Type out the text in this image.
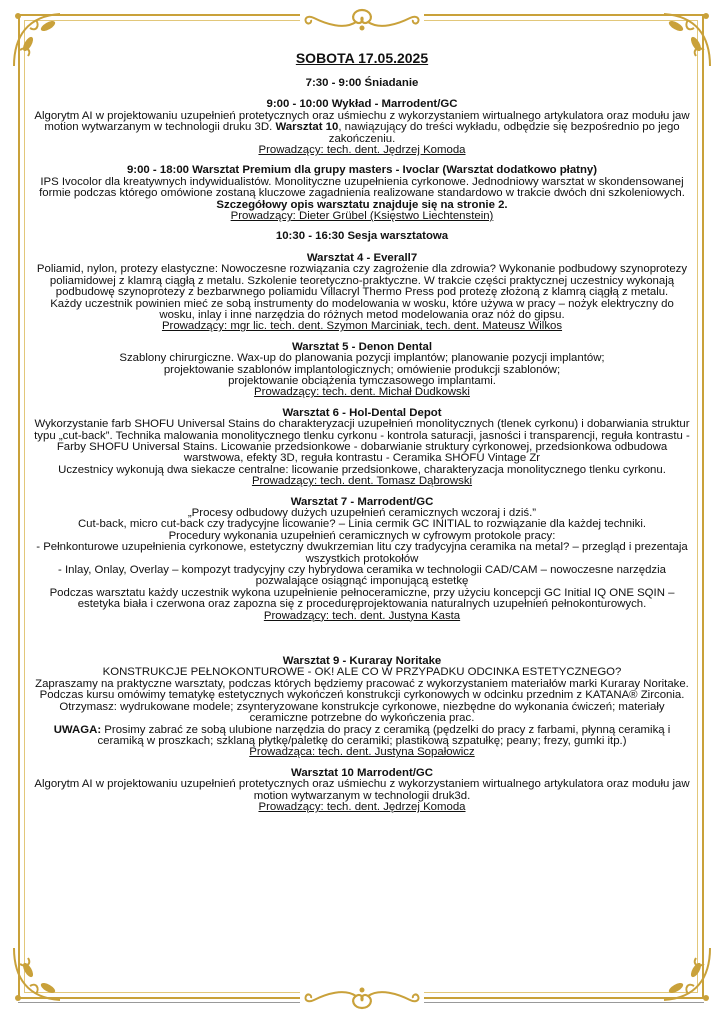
SOBOTA 17.05.2025
7:30 - 9:00 Śniadanie

9:00 - 10:00 Wykład - Marrodent/GC

Algorytm AI w projektowaniu uzupełnień protetycznych oraz uśmiechu z wykorzystaniem wirtualnego artykulatora oraz modułu jaw motion wytwarzanym w technologii druku 3D. Warsztat 10, nawiązujący do treści wykładu, odbędzie się bezpośrednio po jego zakończeniu.

Prowadzący: tech. dent. Jędrzej Komoda

9:00 - 18:00 Warsztat Premium dla grupy masters - Ivoclar (Warsztat dodatkowo płatny)

IPS Ivocolor dla kreatywnych indywidualistów. Monolityczne uzupełnienia cyrkonowe. Jednodniowy warsztat w skondensowanej formie podczas którego omówione zostaną kluczowe zagadnienia realizowane standardowo w trakcie dwóch dni szkoleniowych. Szczegółowy opis warsztatu znajduje się na stronie 2.

Prowadzący: Dieter Grübel (Księstwo Liechtenstein)

10:30 - 16:30 Sesja warsztatowa

Warsztat 4 - Everall7

Poliamid, nylon, protezy elastyczne: Nowoczesne rozwiązania czy zagrożenie dla zdrowia? Wykonanie podbudowy szynoprotezy poliamidowej z klamrą ciągłą z metalu. Szkolenie teoretyczno-praktyczne. W trakcie części praktycznej uczestnicy wykonają podbudowę szynoprotezy z bezbarwnego poliamidu Villacryl Thermo Press pod protezę złożoną z klamrą ciągłą z metalu.

Każdy uczestnik powinien mieć ze sobą instrumenty do modelowania w wosku, które używa w pracy – nożyk elektryczny do wosku, inlay i inne narzędzia do różnych metod modelowania oraz nóż do gipsu.

Prowadzący: mgr lic. tech. dent. Szymon Marciniak, tech. dent. Mateusz Wilkos

Warsztat 5 - Denon Dental

Szablony chirurgiczne. Wax-up do planowania pozycji implantów; planowanie pozycji implantów;

projektowanie szablonów implantologicznych; omówienie produkcji szablonów;

projektowanie obciążenia tymczasowego implantami.

Prowadzący: tech. dent. Michał Dudkowski

Warsztat 6 - Hol-Dental Depot

Wykorzystanie farb SHOFU Universal Stains do charakteryzacji uzupełnień monolitycznych (tlenek cyrkonu) i dobarwiania struktur typu „cut-back”. Technika malowania monolitycznego tlenku cyrkonu - kontrola saturacji, jasności i transparencji, reguła kontrastu - Farby SHOFU Universal Stains. Licowanie przedsionkowe - dobarwianie struktury cyrkonowej, przedsionkowa odbudowa warstwowa, efekty 3D, reguła kontrastu - Ceramika SHOFU Vintage Zr

Uczestnicy wykonują dwa siekacze centralne: licowanie przedsionkowe, charakteryzacja monolitycznego tlenku cyrkonu.

Prowadzący: tech. dent. Tomasz Dąbrowski

Warsztat 7 - Marrodent/GC

„Procesy odbudowy dużych uzupełnień ceramicznych wczoraj i dziś.”

Cut-back, micro cut-back czy tradycyjne licowanie? – Linia cermik GC INITIAL to rozwiązanie dla każdej techniki.

Procedury wykonania uzupełnień ceramicznych w cyfrowym protokole pracy:

- Pełnkonturowe uzupełnienia cyrkonowe, estetyczny dwukrzemian litu czy tradycyjna ceramika na metal? – przegląd i prezentaja wszystkich protokołów

- Inlay, Onlay, Overlay – kompozyt tradycyjny czy hybrydowa ceramika w technologii CAD/CAM – nowoczesne narzędzia pozwalające osiągnąć imponującą estetkę

Podczas warsztatu każdy uczestnik wykona uzupełnienie pełnoceramiczne, przy użyciu koncepcji GC Initial IQ ONE SQIN – estetyka biała i czerwona oraz zapozna się z proceduręprojektowania naturalnych uzupełnień pełnokonturowych.

Prowadzący: tech. dent. Justyna Kasta

Warsztat 9 - Kuraray Noritake

KONSTRUKCJE PEŁNOKONTUROWE - OK! ALE CO W PRZYPADKU ODCINKA ESTETYCZNEGO?

Zapraszamy na praktyczne warsztaty, podczas których będziemy pracować z wykorzystaniem materiałów marki Kuraray Noritake. Podczas kursu omówimy tematykę estetycznych wykończeń konstrukcji cyrkonowych w odcinku przednim z KATANA® Zirconia. Otrzymasz: wydrukowane modele; zsynteryzowane konstrukcje cyrkonowe, niezbędne do wykonania ćwiczeń; materiały ceramiczne potrzebne do wykończenia prac.

UWAGA: Prosimy zabrać ze sobą ulubione narzędzia do pracy z ceramiką (pędzelki do pracy z farbami, płynną ceramiką i ceramiką w proszkach; szklaną płytkę/paletkę do ceramiki; plastikową szpatułkę; peany; frezy, gumki itp.)

Prowadząca: tech. dent. Justyna Sopałowicz

Warsztat 10 Marrodent/GC

Algorytm AI w projektowaniu uzupełnień protetycznych oraz uśmiechu z wykorzystaniem wirtualnego artykulatora oraz modułu jaw motion wytwarzanym w technologii druk3d.

Prowadzący: tech. dent. Jędrzej Komoda
